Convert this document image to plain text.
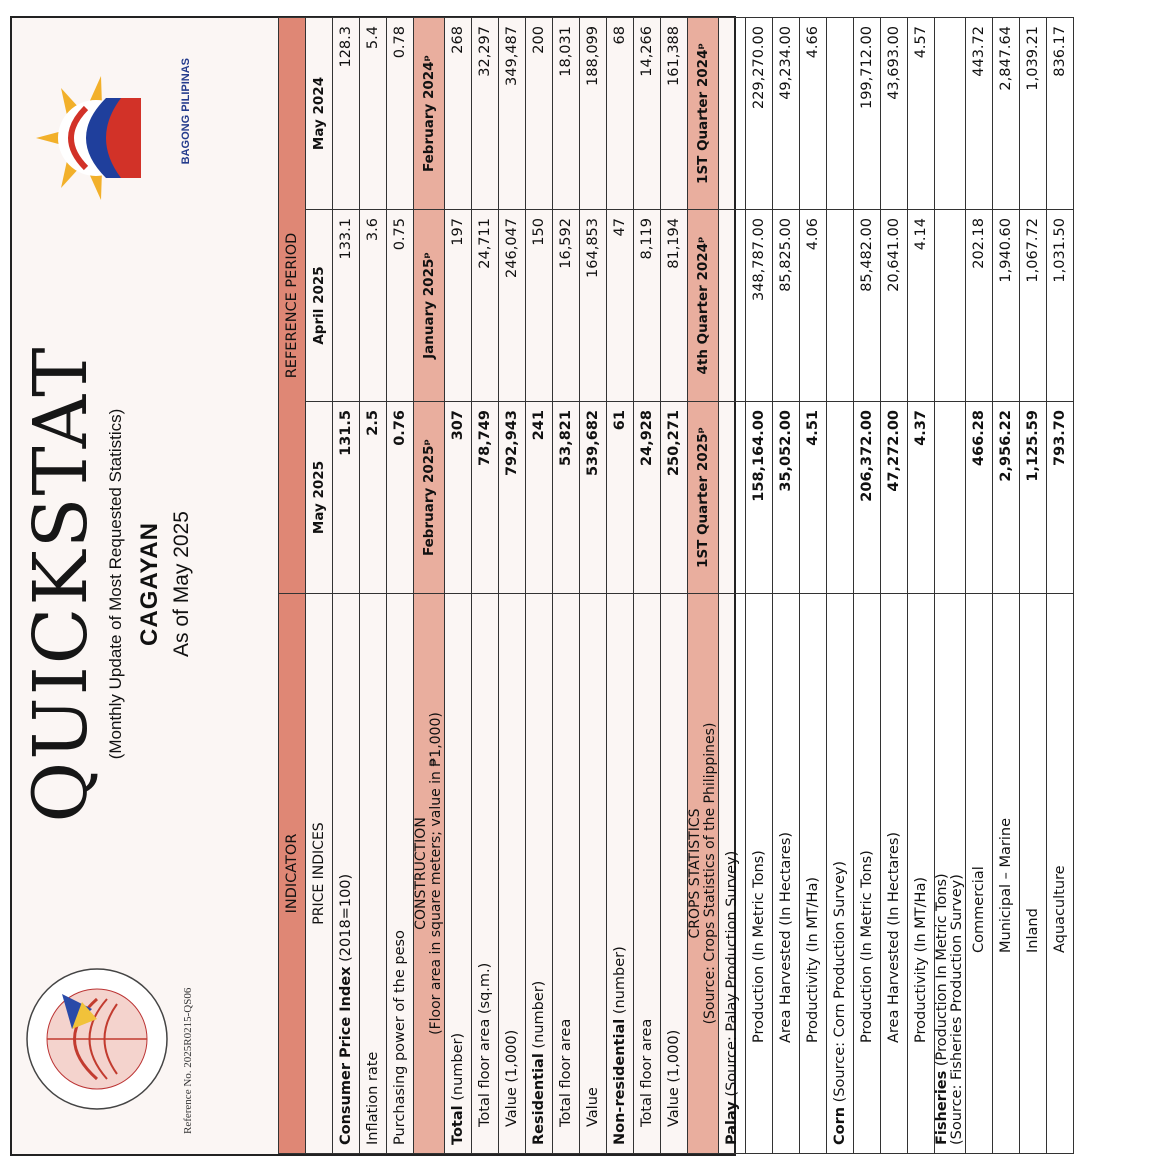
Reference No. 2025R0215-QS06
QUICKSTAT (Monthly Update of Most Requested Statistics) CAGAYAN As of May 2025
BAGONG PILIPINAS
INDICATOR	REFERENCE PERIOD		
PRICE INDICES	May 2025	April 2025	May 2024
Consumer Price Index (2018=100)	131.5	133.1	128.3
Inflation rate	2.5	3.6	5.4
Purchasing power of the peso	0.76	0.75	0.78
CONSTRUCTION
(Floor area in square meters; value in ₱1,000)	February 2025ᵖ	January 2025ᵖ	February 2024ᵖ
Total (number)	307	197	268
Total floor area (sq.m.)	78,749	24,711	32,297
Value (1,000)	792,943	246,047	349,487
Residential (number)	241	150	200
Total floor area	53,821	16,592	18,031
Value	539,682	164,853	188,099
Non-residential (number)	61	47	68
Total floor area	24,928	8,119	14,266
Value (1,000)	250,271	81,194	161,388
CROPS STATISTICS
(Source: Crops Statistics of the Philippines)	1ST Quarter 2025ᵖ	4th Quarter 2024ᵖ	1ST Quarter 2024ᵖ
Palay (Source: Palay Production Survey)			
Production (In Metric Tons)	158,164.00	348,787.00	229,270.00
Area Harvested (In Hectares)	35,052.00	85,825.00	49,234.00
Productivity (In MT/Ha)	4.51	4.06	4.66
Corn (Source: Corn Production Survey)			
Production (In Metric Tons)	206,372.00	85,482.00	199,712.00
Area Harvested (In Hectares)	47,272.00	20,641.00	43,693.00
Productivity (In MT/Ha)	4.37	4.14	4.57
Fisheries (Production In Metric Tons)
(Source: Fisheries Production Survey)			
Commercial	466.28	202.18	443.72
Municipal – Marine	2,956.22	1,940.60	2,847.64
Inland	1,125.59	1,067.72	1,039.21
Aquaculture	793.70	1,031.50	836.17
